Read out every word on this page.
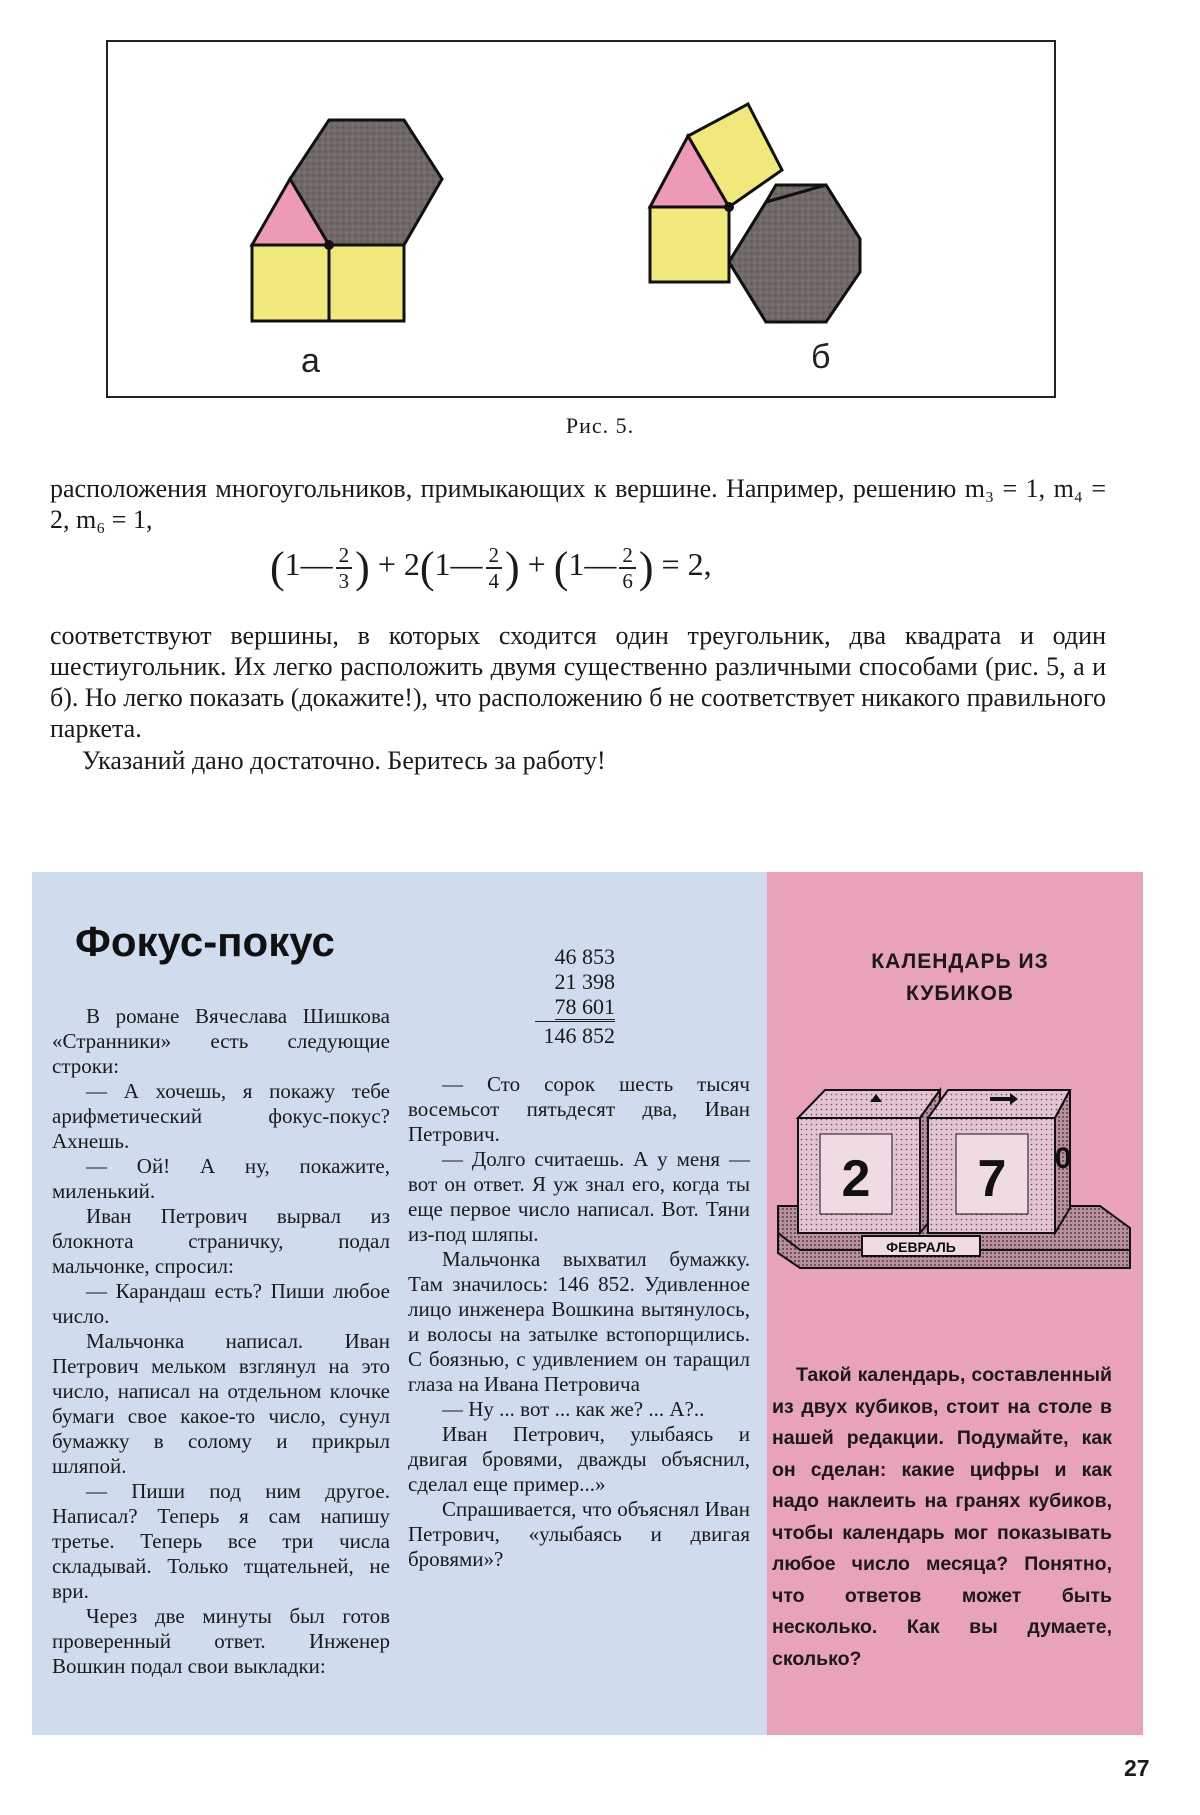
а	б
Рис. 5.

расположения многоугольников, примыкающих к вершине. Например, решению m₃ = 1, m₄ = 2, m₆ = 1,

(1— $\frac{2}{3}$ ) + 2(1— $\frac{2}{4}$ ) + (1— $\frac{2}{6}$ ) = 2,

соответствуют вершины, в которых сходится один треугольник, два квадрата и один шестиугольник. Их легко расположить двумя существенно различными способами (рис. 5, а и б). Но легко показать (докажите!), что расположению б не соответствует никакого правильного паркета.

Указаний дано достаточно. Беритесь за работу!

Фокус-покус	46 853
21 398
78 601
146 852

В романе Вячеслава Шишкова «Странники» есть следующие строки:

— А хочешь, я покажу тебе арифметический фокус-покус? Ахнешь.

— Ой! А ну, покажите, миленький.

Иван Петрович вырвал из блокнота страничку, подал мальчонке, спросил:

— Карандаш есть? Пиши любое число.

Мальчонка написал. Иван Петрович мельком взглянул на это число, написал на отдельном клочке бумаги свое какое-то число, сунул бумажку в солому и прикрыл шляпой.

— Пиши под ним другое. Написал? Теперь я сам напишу третье. Теперь все три числа складывай. Только тщательней, не ври.

Через две минуты был готов проверенный ответ. Инженер Вошкин подал свои выкладки:

— Сто сорок шесть тысяч восемьсот пятьдесят два, Иван Петрович.

— Долго считаешь. А у меня — вот он ответ. Я уж знал его, когда ты еще первое число написал. Вот. Тяни из-под шляпы.

Мальчонка выхватил бумажку. Там значилось: 146 852. Удивленное лицо инженера Вошкина вытянулось, и волосы на затылке встопорщились. С боязнью, с удивлением он таращил глаза на Ивана Петровича

— Ну ... вот ... как же? ... А?..

Иван Петрович, улыбаясь и двигая бровями, дважды объяснил, сделал еще пример...»

Спрашивается, что объяснял Иван Петрович, «улыбаясь и двигая бровями»?

КАЛЕНДАРЬ ИЗ КУБИКОВ
2 7 0
ФЕВРАЛЬ

Такой календарь, составленный из двух кубиков, стоит на столе в нашей редакции. Подумайте, как он сделан: какие цифры и как надо наклеить на гранях кубиков, чтобы календарь мог показывать любое число месяца? Понятно, что ответов может быть несколько. Как вы думаете, сколько?

27
